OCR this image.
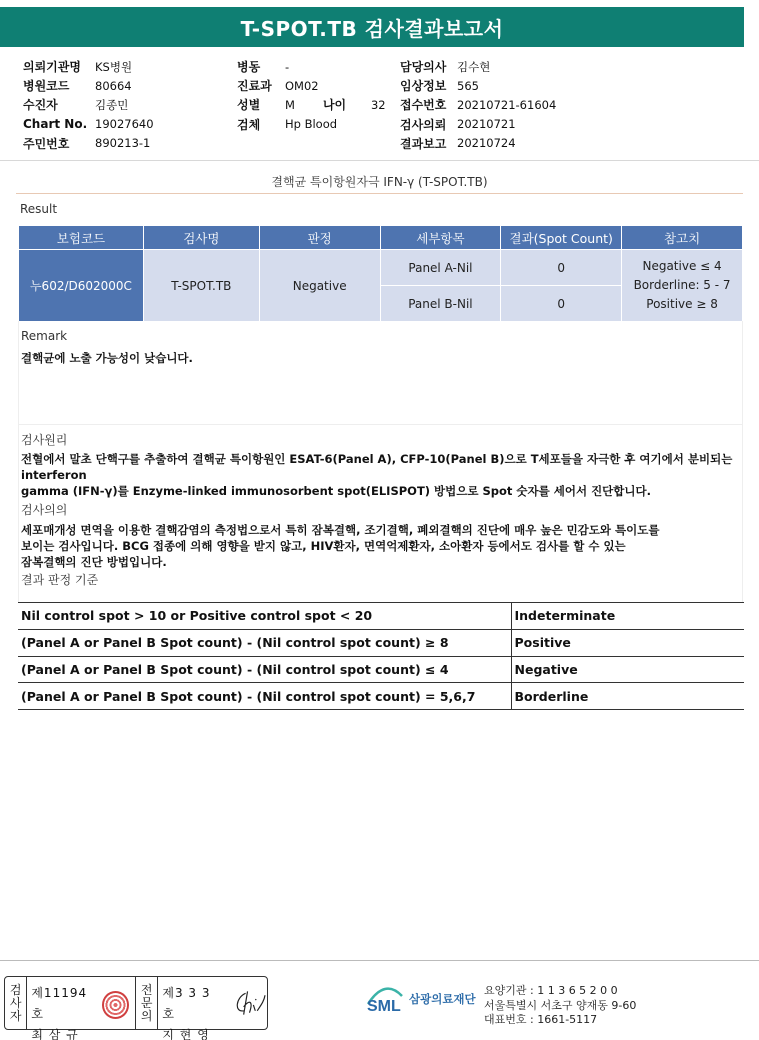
T-SPOT.TB 검사결과보고서
의뢰기관명	KS병원
병원코드	80664
수진자	김종민
Chart No. 19027640
주민번호	890213-1
병동	-
진료과	OM02
성별	M 나이	32
검체	Hp Blood
담당의사 김수현
임상정보 565
접수번호 20210721-61604
검사의뢰 20210721
결과보고 20210724
결핵균 특이항원자극 IFN-γ (T-SPOT.TB)
Result
보험코드	검사명	판정	세부항목	결과(Spot Count)	참고치
누602/D602000C	T-SPOT.TB	Negative	Panel A-Nil	0	Negative ≤ 4
Borderline: 5 - 7
Positive ≥ 8

			Panel B-Nil	0	
Remark
결핵균에 노출 가능성이 낮습니다.
검사원리
전혈에서 말초 단핵구를 추출하여 결핵균 특이항원인 ESAT-6(Panel A), CFP-10(Panel B)으로 T세포들을 자극한 후 여기에서 분비되는
interferon
gamma (IFN-γ)를 Enzyme-linked immunosorbent spot(ELISPOT) 방법으로 Spot 숫자를 세어서 진단합니다.
검사의의
세포매개성 면역을 이용한 결핵감염의 측정법으로서 특히 잠복결핵, 조기결핵, 폐외결핵의 진단에 매우 높은 민감도와 특이도를
보이는 검사입니다. BCG 접종에 의해 영향을 받지 않고, HIV환자, 면역억제환자, 소아환자 등에서도 검사를 할 수 있는
잠복결핵의 진단 방법입니다.
결과 판정 기준
Nil control spot > 10 or Positive control spot < 20	Indeterminate
(Panel A or Panel B Spot count) - (Nil control spot count) ≥ 8	Positive
(Panel A or Panel B Spot count) - (Nil control spot count) ≤ 4	Negative
(Panel A or Panel B Spot count) - (Nil control spot count) = 5,6,7	Borderline
검
사
자
제11194호
최 삼 규
전
문
의
제3 3 3 호
지 현 영
SML 삼광의료재단
요양기관 : 1 1 3 6 5 2 0 0
서울특별시 서초구 양재동 9-60
대표번호 : 1661-5117
